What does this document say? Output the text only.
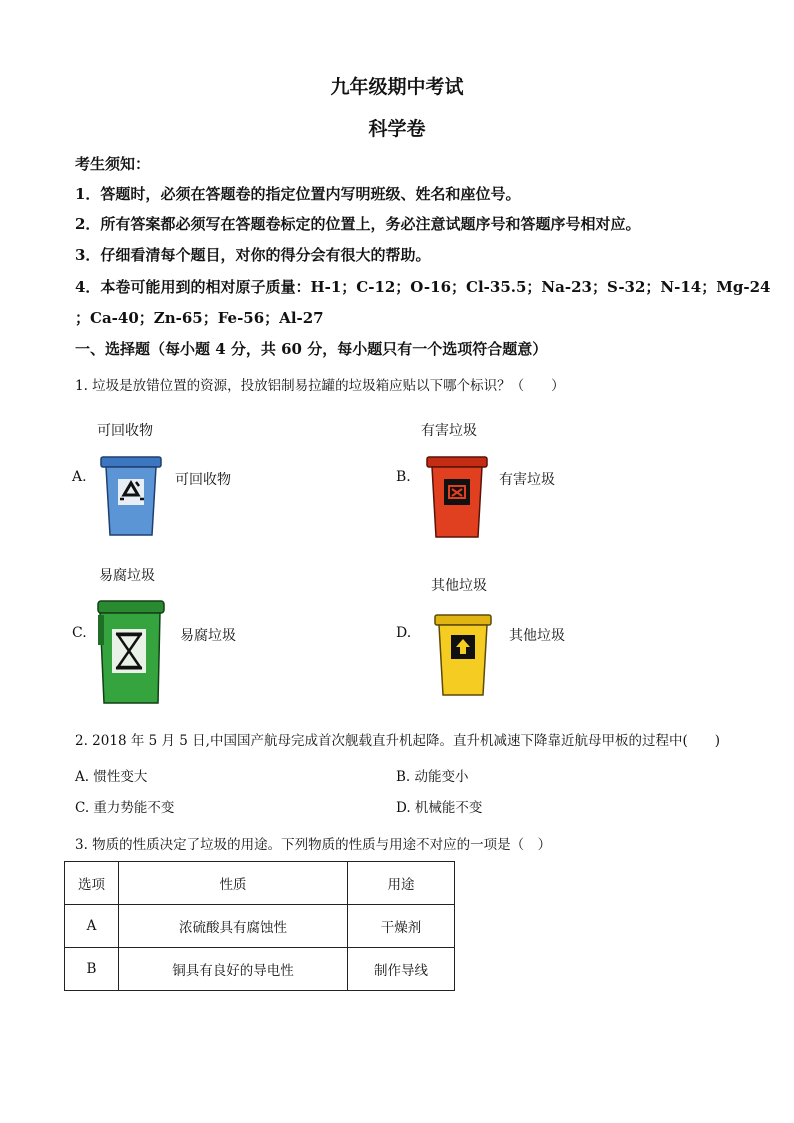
九年级期中考试
科学卷
考生须知：
1．答题时，必须在答题卷的指定位置内写明班级、姓名和座位号。
2．所有答案都必须写在答题卷标定的位置上，务必注意试题序号和答题序号相对应。
3．仔细看清每个题目，对你的得分会有很大的帮助。
4．本卷可能用到的相对原子质量：H-1；C-12；O-16；Cl-35.5；Na-23；S-32；N-14；Mg-24
；Ca-40；Zn-65；Fe-56；Al-27
一、选择题（每小题 4 分，共 60 分，每小题只有一个选项符合题意）
1. 垃圾是放错位置的资源，投放铝制易拉罐的垃圾箱应贴以下哪个标识？（　　）
可回收物
A.	可回收物
有害垃圾
B.	有害垃圾
易腐垃圾
C.	易腐垃圾
其他垃圾
D.	其他垃圾
2. 2018 年 5 月 5 日,中国国产航母完成首次舰载直升机起降。直升机减速下降靠近航母甲板的过程中(　　)
A. 惯性变大	B. 动能变小
C. 重力势能不变	D. 机械能不变
3. 物质的性质决定了垃圾的用途。下列物质的性质与用途不对应的一项是（　）
选项	性质	用途
A	浓硫酸具有腐蚀性	干燥剂
B	铜具有良好的导电性	制作导线
